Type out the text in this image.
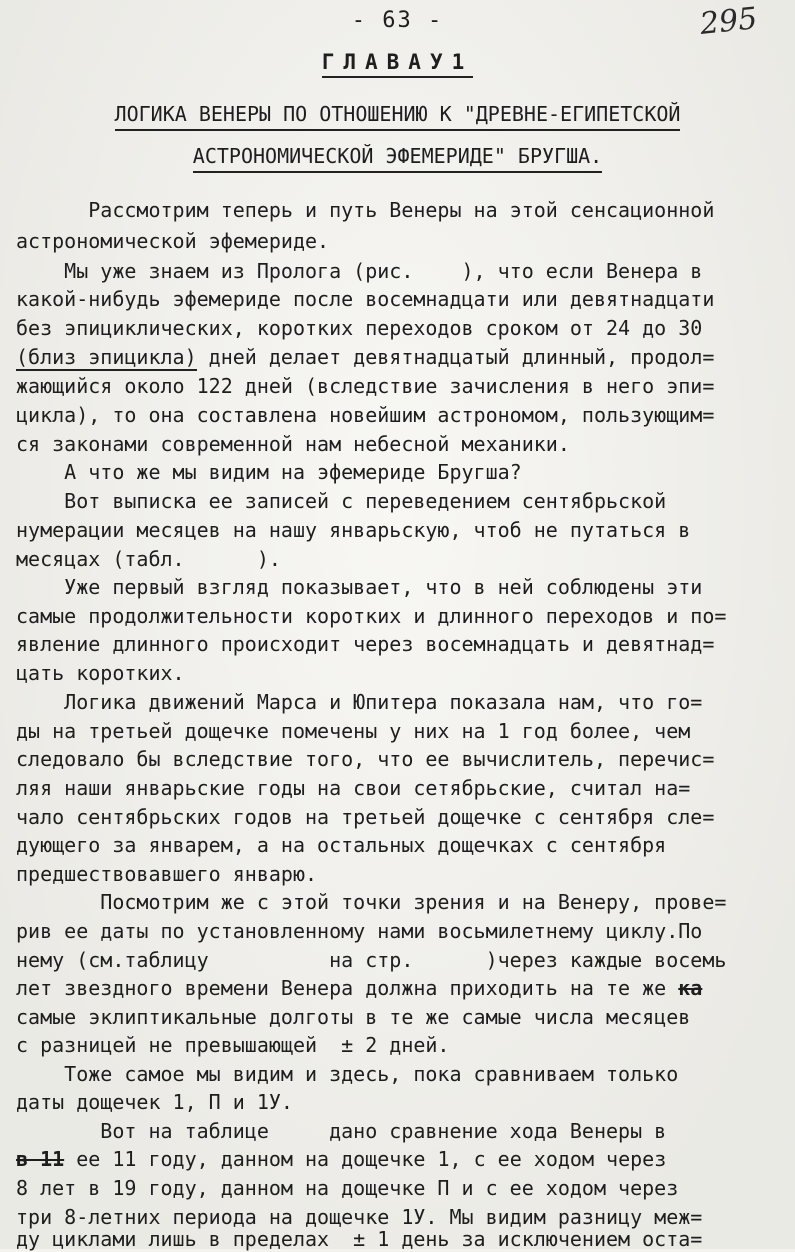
- 63 -	295
ГЛАВАУ1
ЛОГИКА ВЕНЕРЫ ПО ОТНОШЕНИЮ К "ДРЕВНЕ-ЕГИПЕТСКОЙ
АСТРОНОМИЧЕСКОЙ ЭФЕМЕРИДЕ" БРУГША.
Рассмотрим теперь и путь Венеры на этой сенсационной
астрономической эфемериде.
Мы уже знаем из Пролога (рис.    ), что если Венера в
какой-нибудь эфемериде после восемнадцати или девятнадцати
без эпициклических, коротких переходов сроком от 24 до 30
(близ эпицикла) дней делает девятнадцатый длинный, продол=
жающийся около 122 дней (вследствие зачисления в него эпи=
цикла), то она составлена новейшим астрономом, пользующим=
ся законами современной нам небесной механики.
А что же мы видим на эфемериде Бругша?
Вот выписка ее записей с переведением сентябрьской
нумерации месяцев на нашу январьскую, чтоб не путаться в
месяцах (табл.      ).
Уже первый взгляд показывает, что в ней соблюдены эти
самые продолжительности коротких и длинного переходов и по=
явление длинного происходит через восемнадцать и девятнад=
цать коротких.
Логика движений Марса и Юпитера показала нам, что го=
ды на третьей дощечке помечены у них на 1 год более, чем
следовало бы вследствие того, что ее вычислитель, перечис=
ляя наши январьские годы на свои сетябрьские, считал на=
чало сентябрьских годов на третьей дощечке с сентября сле=
дующего за январем, а на остальных дощечках с сентября
предшествовавшего январю.
Посмотрим же с этой точки зрения и на Венеру, прове=
рив ее даты по установленному нами восьмилетнему циклу.По
нему (см.таблицу          на стр.      )через каждые восемь
лет звездного времени Венера должна приходить на те же ка
самые эклиптикальные долготы в те же самые числа месяцев
с разницей не превышающей  ± 2 дней.
Тоже самое мы видим и здесь, пока сравниваем только
даты дощечек 1, П и 1У.
Вот на таблице     дано сравнение хода Венеры в
в 11 ее 11 году, данном на дощечке 1, с ее ходом через
8 лет в 19 году, данном на дощечке П и с ее ходом через
три 8-летних периода на дощечке 1У. Мы видим разницу меж=
ду циклами лишь в пределах  ± 1 день за исключением оста=
